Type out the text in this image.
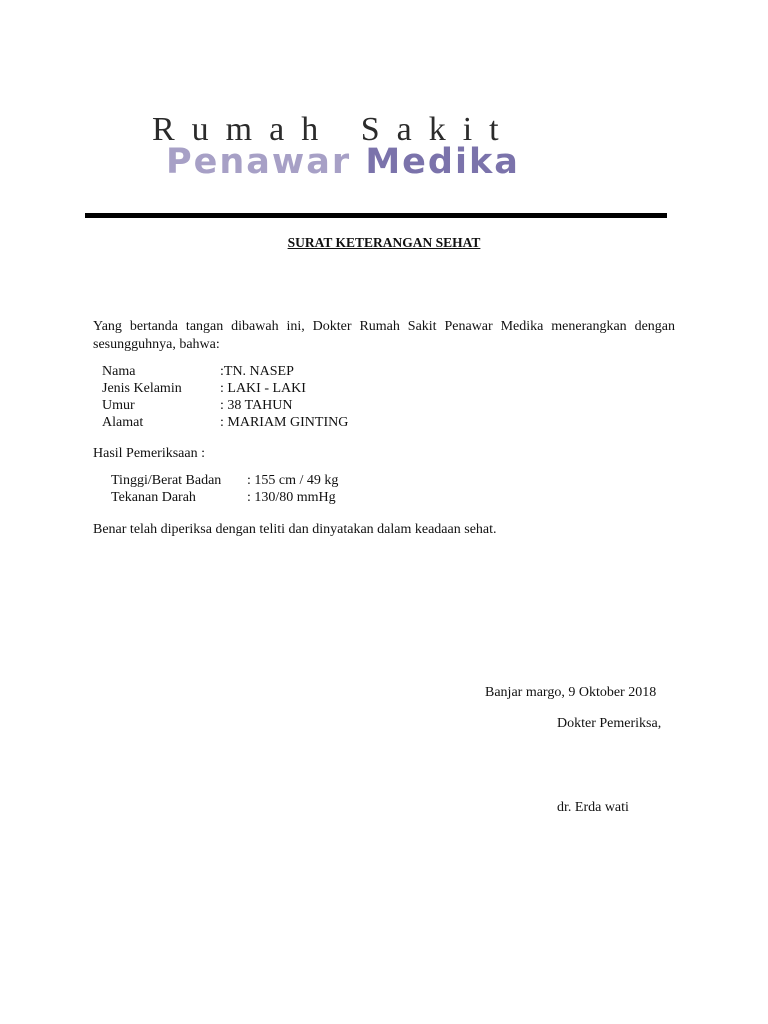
Rumah Sakit
Penawar Medika
SURAT KETERANGAN SEHAT
Yang bertanda tangan dibawah ini, Dokter Rumah Sakit Penawar Medika menerangkan dengan sesungguhnya, bahwa:
Nama	:TN. NASEP
Jenis Kelamin	: LAKI - LAKI
Umur	: 38 TAHUN
Alamat	: MARIAM GINTING
Hasil Pemeriksaan :
Tinggi/Berat Badan : 155 cm / 49 kg
Tekanan Darah	: 130/80 mmHg
Benar telah diperiksa dengan teliti dan dinyatakan dalam keadaan sehat.
Banjar margo, 9 Oktober 2018
Dokter Pemeriksa,
dr. Erda wati
